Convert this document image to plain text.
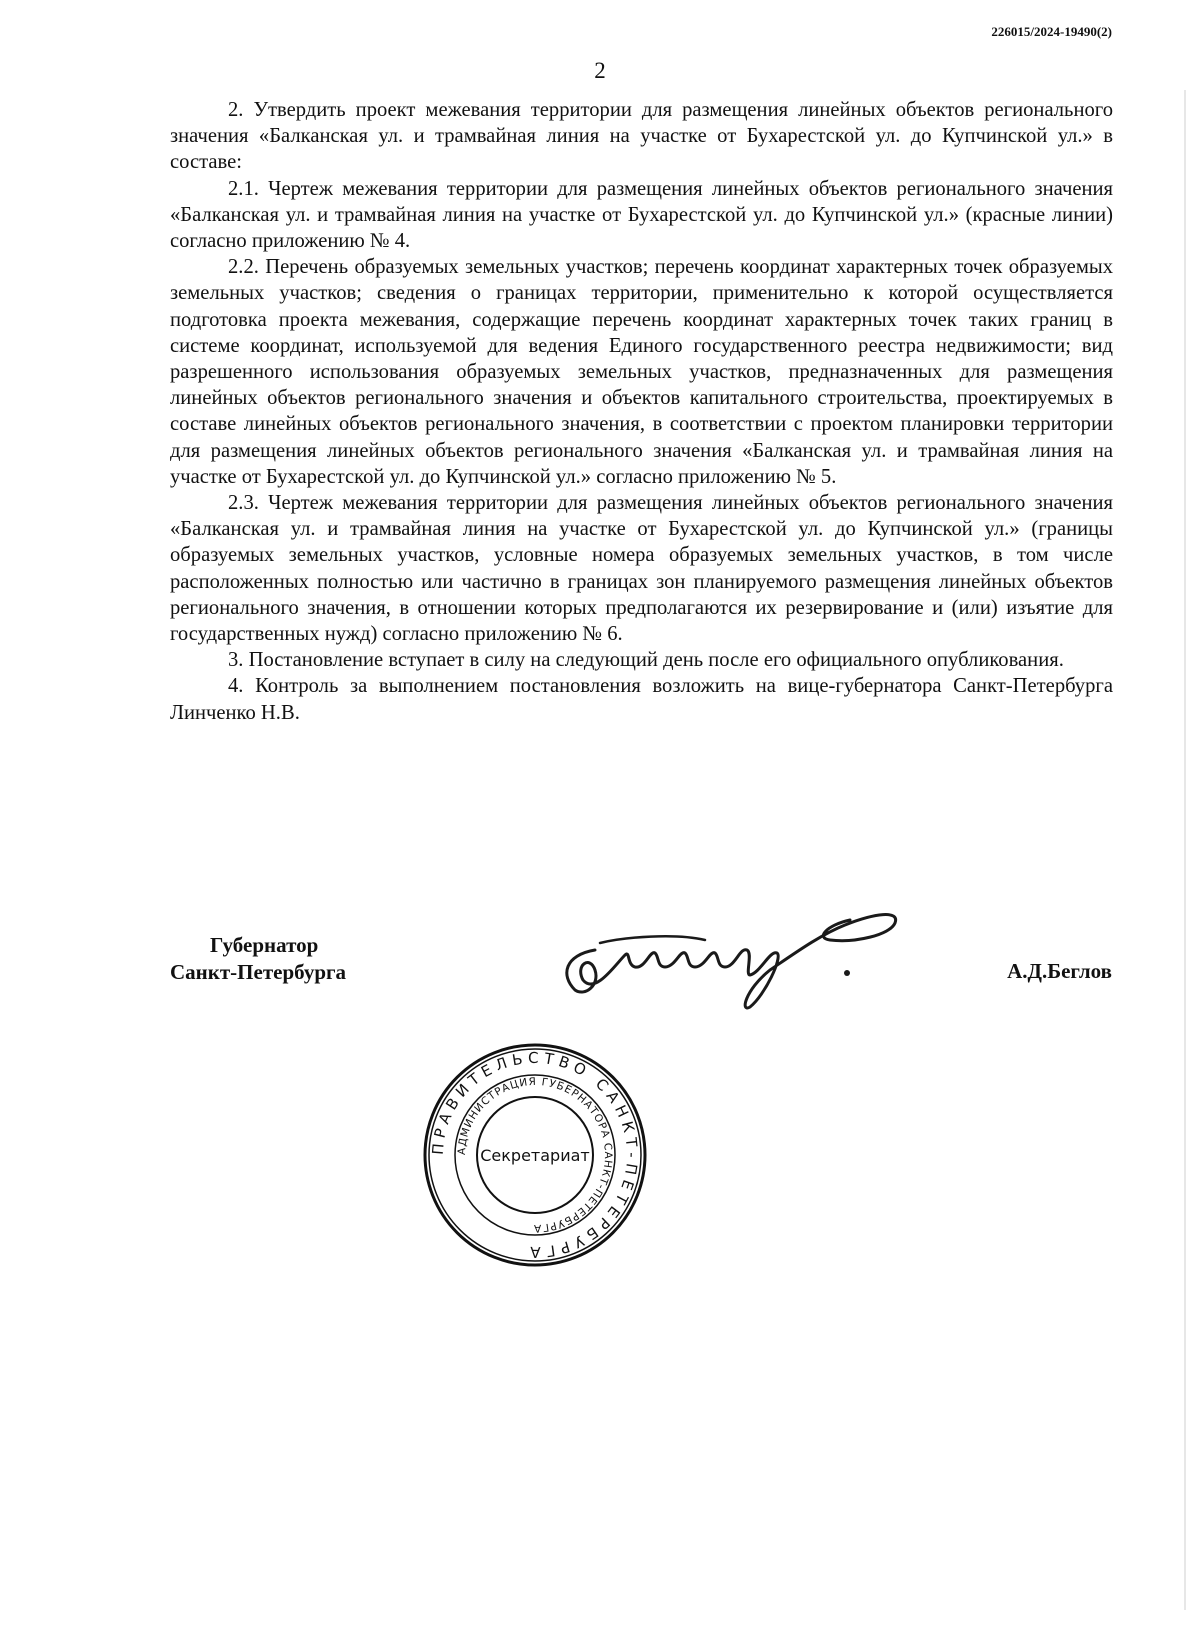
226015/2024-19490(2)
2

2. Утвердить проект межевания территории для размещения линейных объектов регионального значения «Балканская ул. и трамвайная линия на участке от Бухарестской ул. до Купчинской ул.» в составе:

2.1. Чертеж межевания территории для размещения линейных объектов регионального значения «Балканская ул. и трамвайная линия на участке от Бухарестской ул. до Купчинской ул.» (красные линии) согласно приложению № 4.

2.2. Перечень образуемых земельных участков; перечень координат характерных точек образуемых земельных участков; сведения о границах территории, применительно к которой осуществляется подготовка проекта межевания, содержащие перечень координат характерных точек таких границ в системе координат, используемой для ведения Единого государственного реестра недвижимости; вид разрешенного использования образуемых земельных участков, предназначенных для размещения линейных объектов регионального значения и объектов капитального строительства, проектируемых в составе линейных объектов регионального значения, в соответствии с проектом планировки территории для размещения линейных объектов регионального значения «Балканская ул. и трамвайная линия на участке от Бухарестской ул. до Купчинской ул.» согласно приложению № 5.

2.3. Чертеж межевания территории для размещения линейных объектов регионального значения «Балканская ул. и трамвайная линия на участке от Бухарестской ул. до Купчинской ул.» (границы образуемых земельных участков, условные номера образуемых земельных участков, в том числе расположенных полностью или частично в границах зон планируемого размещения линейных объектов регионального значения, в отношении которых предполагаются их резервирование и (или) изъятие для государственных нужд) согласно приложению № 6.

3. Постановление вступает в силу на следующий день после его официального опубликования.

4. Контроль за выполнением постановления возложить на вице-губернатора Санкт-Петербурга Линченко Н.В.

Губернатор
Санкт-Петербурга	А.Д.Беглов
ПРАВИТЕЛЬСТВО САНКТ-ПЕТЕРБУРГА
АДМИНИСТРАЦИЯ ГУБЕРНАТОРА САНКТ-ПЕТЕРБУРГА
Секретариат
